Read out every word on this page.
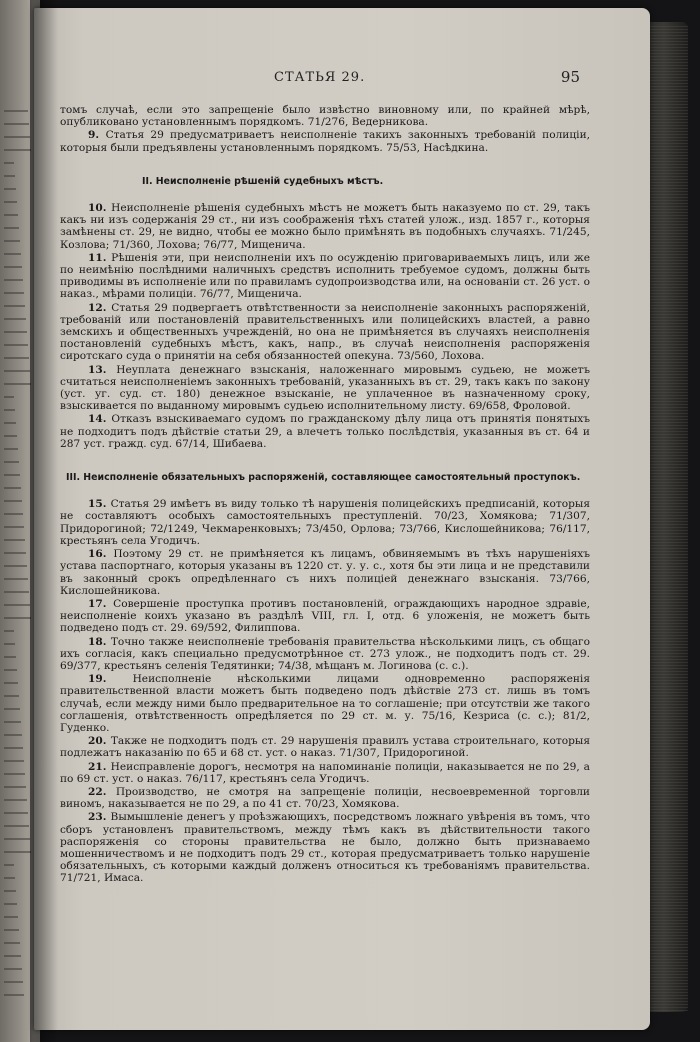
СТАТЬЯ 29.	95

томъ случаѣ, если это запрещеніе было извѣстно виновному или, по крайней мѣрѣ, опубликовано установленнымъ порядкомъ. 71/276, Ведерникова.

9. Статья 29 предусматриваетъ неисполненіе такихъ законныхъ требованій полиціи, которыя были предъявлены установленнымъ порядкомъ. 75/53, Насѣдкина.

II. Неисполненіе рѣшеній судебныхъ мѣстъ.

10. Неисполненіе рѣшенія судебныхъ мѣстъ не можетъ быть наказуемо по ст. 29, такъ какъ ни изъ содержанія 29 ст., ни изъ соображенія тѣхъ статей улож., изд. 1857 г., которыя замѣнены ст. 29, не видно, чтобы ее можно было примѣнять въ подобныхъ случаяхъ. 71/245, Козлова; 71/360, Лохова; 76/77, Мищенича.

11. Рѣшенія эти, при неисполненіи ихъ по осужденію приговариваемыхъ лицъ, или же по неимѣнію послѣдними наличныхъ средствъ исполнить требуемое судомъ, должны быть приводимы въ исполненіе или по правиламъ судопроизводства или, на основаніи ст. 26 уст. о наказ., мѣрами полиціи. 76/77, Мищенича.

12. Статья 29 подвергаетъ отвѣтственности за неисполненіе законныхъ распоряженій, требованій или постановленій правительственныхъ или полицейскихъ властей, а равно земскихъ и общественныхъ учрежденій, но она не примѣняется въ случаяхъ неисполненія постановленій судебныхъ мѣстъ, какъ, напр., въ случаѣ неисполненія распоряженія сиротскаго суда о принятіи на себя обязанностей опекуна. 73/560, Лохова.

13. Неуплата денежнаго взысканія, наложеннаго мировымъ судьею, не можетъ считаться неисполненіемъ законныхъ требованій, указанныхъ въ ст. 29, такъ какъ по закону (уст. уг. суд. ст. 180) денежное взысканіе, не уплаченное въ назначенному сроку, взыскивается по выданному мировымъ судьею исполнительному листу. 69/658, Фроловой.

14. Отказъ взыскиваемаго судомъ по гражданскому дѣлу лица отъ принятія понятыхъ не подходитъ подъ дѣйствіе статьи 29, а влечетъ только послѣдствія, указанныя въ ст. 64 и 287 уст. гражд. суд. 67/14, Шибаева.

III. Неисполненіе обязательныхъ распоряженій, составляющее самостоятельный проступокъ.

15. Статья 29 имѣетъ въ виду только тѣ нарушенія полицейскихъ предписаній, которыя не составляютъ особыхъ самостоятельныхъ преступленій. 70/23, Хомякова; 71/307, Придорогиной; 72/1249, Чекмаренковыхъ; 73/450, Орлова; 73/766, Кислошейникова; 76/117, крестьянъ села Угодичъ.

16. Поэтому 29 ст. не примѣняется къ лицамъ, обвиняемымъ въ тѣхъ нарушеніяхъ устава паспортнаго, которыя указаны въ 1220 ст. у. у. с., хотя бы эти лица и не представили въ законный срокъ опредѣленнаго съ нихъ полиціей денежнаго взысканія. 73/766, Кислошейникова.

17. Совершеніе проступка противъ постановленій, ограждающихъ народное здравіе, неисполненіе коихъ указано въ раздѣлѣ VIII, гл. I, отд. 6 уложенія, не можетъ быть подведено подъ ст. 29. 69/592, Филиппова.

18. Точно также неисполненіе требованія правительства нѣсколькими лицъ, съ общаго ихъ согласія, какъ специально предусмотрѣнное ст. 273 улож., не подходитъ подъ ст. 29. 69/377, крестьянъ селенія Тедятинки; 74/38, мѣщанъ м. Логинова (с. с.).

19. Неисполненіе нѣсколькими лицами одновременно распоряженія правительственной власти можетъ быть подведено подъ дѣйствіе 273 ст. лишь въ томъ случаѣ, если между ними было предварительное на то соглашеніе; при отсутствіи же такого соглашенія, отвѣтственность опредѣляется по 29 ст. м. у. 75/16, Кезриса (с. с.); 81/2, Гуденко.

20. Также не подходитъ подъ ст. 29 нарушенія правилъ устава строительнаго, которыя подлежатъ наказанію по 65 и 68 ст. уст. о наказ. 71/307, Придорогиной.

21. Неисправленіе дорогъ, несмотря на напоминаніе полиціи, наказывается не по 29, а по 69 ст. уст. о наказ. 76/117, крестьянъ села Угодичъ.

22. Производство, не смотря на запрещеніе полиціи, несвоевременной торговли виномъ, наказывается не по 29, а по 41 ст. 70/23, Хомякова.

23. Вымышленіе денегъ у проѣзжающихъ, посредствомъ ложнаго увѣренія въ томъ, что сборъ установленъ правительствомъ, между тѣмъ какъ въ дѣйствительности такого распоряженія со стороны правительства не было, должно быть признаваемо мошенничествомъ и не подходитъ подъ 29 ст., которая предусматриваетъ только нарушеніе обязательныхъ, съ которыми каждый долженъ относиться къ требованіямъ правительства. 71/721, Имаса.
